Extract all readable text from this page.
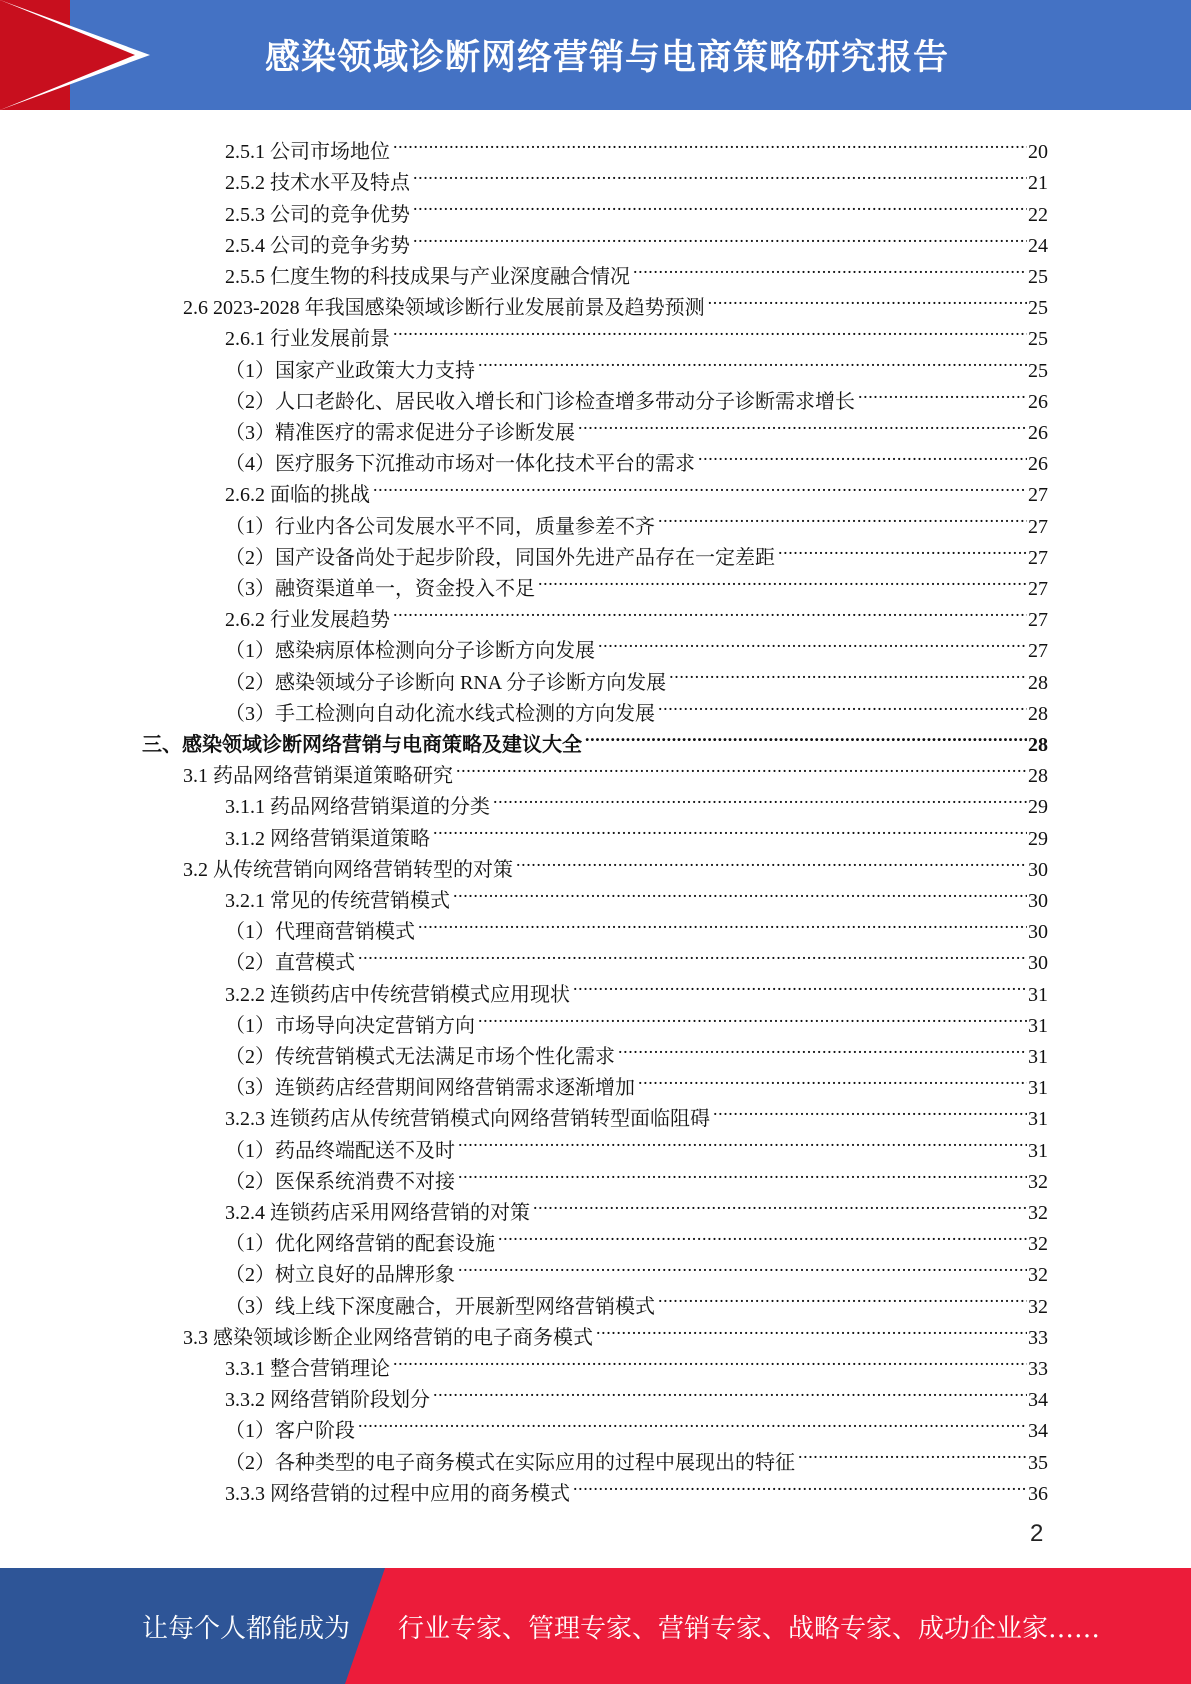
感染领域诊断网络营销与电商策略研究报告
2.5.1 公司市场地位 .....	20
2.5.2 技术水平及特点 .....	21
2.5.3 公司的竞争优势 .....	22
2.5.4 公司的竞争劣势 .....	24
2.5.5 仁度生物的科技成果与产业深度融合情况 .....	25
2.6 2023-2028 年我国感染领域诊断行业发展前景及趋势预测 .....	25
2.6.1 行业发展前景 .....	25
（1）国家产业政策大力支持 .....	25
（2）人口老龄化、居民收入增长和门诊检查增多带动分子诊断需求增长 .....	26
（3）精准医疗的需求促进分子诊断发展 .....	26
（4）医疗服务下沉推动市场对一体化技术平台的需求 .....	26
2.6.2 面临的挑战 .....	27
（1）行业内各公司发展水平不同，质量参差不齐 .....	27
（2）国产设备尚处于起步阶段，同国外先进产品存在一定差距 .....	27
（3）融资渠道单一，资金投入不足 .....	27
2.6.2 行业发展趋势 .....	27
（1）感染病原体检测向分子诊断方向发展 .....	27
（2）感染领域分子诊断向 RNA 分子诊断方向发展 .....	28
（3）手工检测向自动化流水线式检测的方向发展 .....	28
三、感染领域诊断网络营销与电商策略及建议大全 .....	28
3.1 药品网络营销渠道策略研究 .....	28
3.1.1 药品网络营销渠道的分类 .....	29
3.1.2 网络营销渠道策略 .....	29
3.2 从传统营销向网络营销转型的对策 .....	30
3.2.1 常见的传统营销模式 .....	30
（1）代理商营销模式 .....	30
（2）直营模式 .....	30
3.2.2 连锁药店中传统营销模式应用现状 .....	31
（1）市场导向决定营销方向 .....	31
（2）传统营销模式无法满足市场个性化需求 .....	31
（3）连锁药店经营期间网络营销需求逐渐增加 .....	31
3.2.3 连锁药店从传统营销模式向网络营销转型面临阻碍 .....	31
（1）药品终端配送不及时 .....	31
（2）医保系统消费不对接 .....	32
3.2.4 连锁药店采用网络营销的对策 .....	32
（1）优化网络营销的配套设施 .....	32
（2）树立良好的品牌形象 .....	32
（3）线上线下深度融合，开展新型网络营销模式 .....	32
3.3 感染领域诊断企业网络营销的电子商务模式 .....	33
3.3.1 整合营销理论 .....	33
3.3.2 网络营销阶段划分 .....	34
（1）客户阶段 .....	34
（2）各种类型的电子商务模式在实际应用的过程中展现出的特征 .....	35
3.3.3 网络营销的过程中应用的商务模式 .....	36
2
让每个人都能成为 行业专家、管理专家、营销专家、战略专家、成功企业家……
